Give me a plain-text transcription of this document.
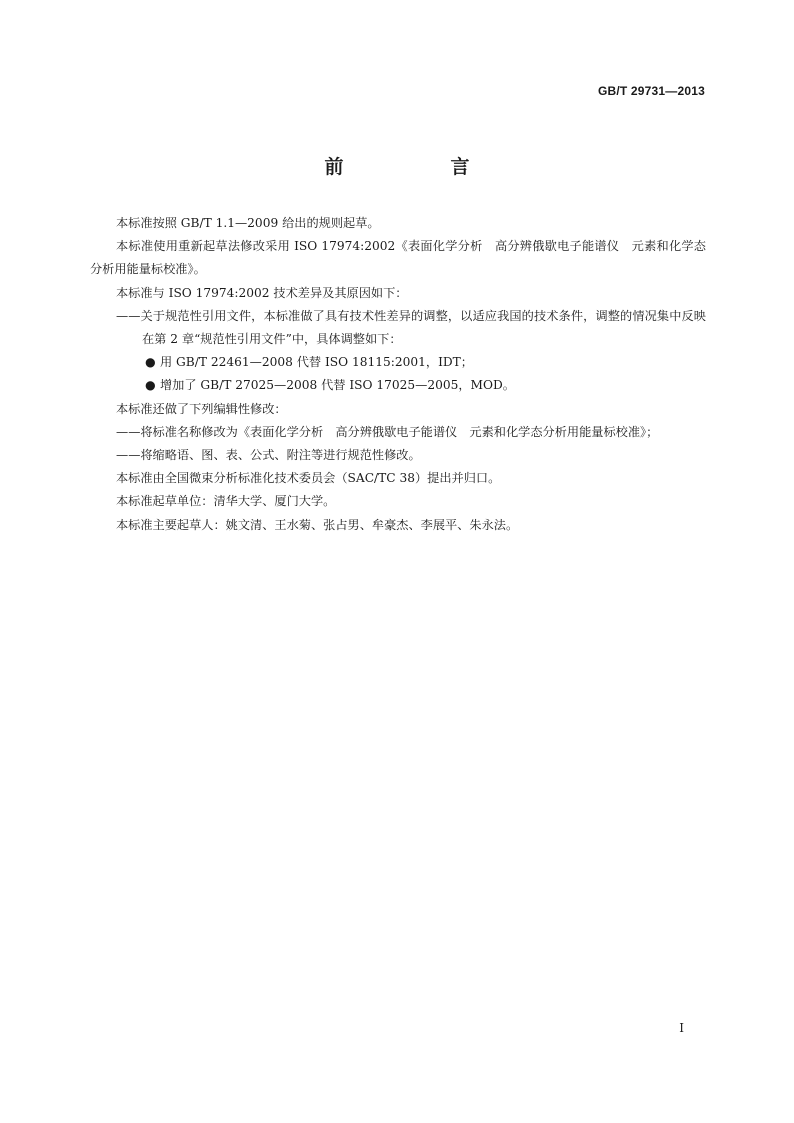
GB/T 29731—2013
前　言

本标准按照 GB/T 1.1—2009 给出的规则起草。

本标准使用重新起草法修改采用 ISO 17974:2002《表面化学分析　高分辨俄歇电子能谱仪　元素和化学态分析用能量标校准》。

本标准与 ISO 17974:2002 技术差异及其原因如下：

——关于规范性引用文件，本标准做了具有技术性差异的调整，以适应我国的技术条件，调整的情况集中反映在第 2 章“规范性引用文件”中，具体调整如下：

● 用 GB/T 22461—2008 代替 ISO 18115:2001，IDT；

● 增加了 GB/T 27025—2008 代替 ISO 17025—2005，MOD。

本标准还做了下列编辑性修改：

——将标准名称修改为《表面化学分析　高分辨俄歇电子能谱仪　元素和化学态分析用能量标校准》；

——将缩略语、图、表、公式、附注等进行规范性修改。

本标准由全国微束分析标准化技术委员会（SAC/TC 38）提出并归口。

本标准起草单位：清华大学、厦门大学。

本标准主要起草人：姚文清、王水菊、张占男、牟豪杰、李展平、朱永法。

I
